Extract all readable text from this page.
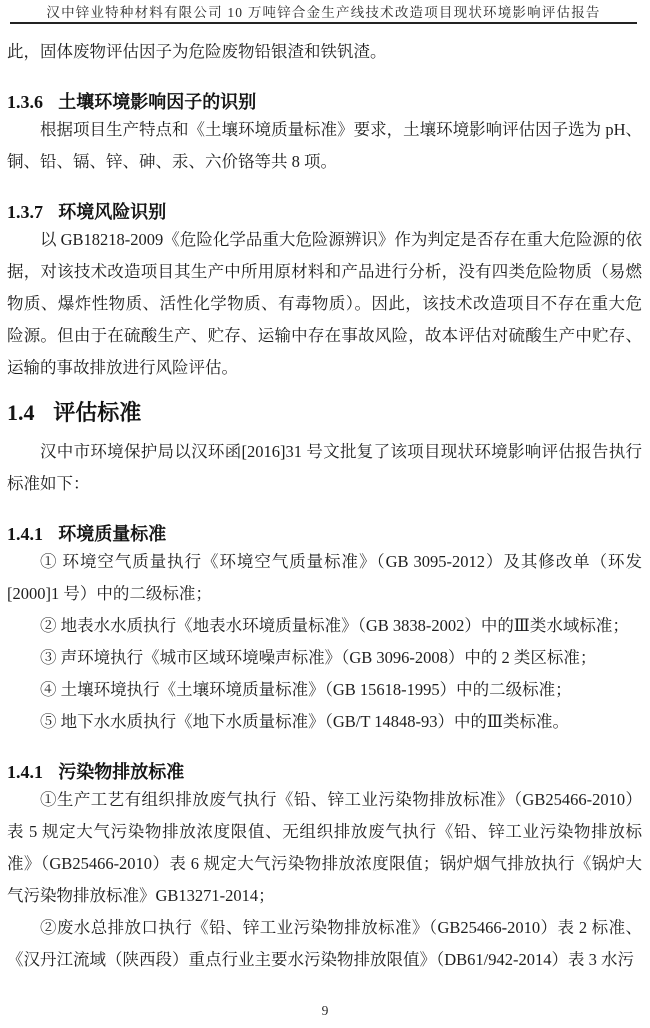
汉中锌业特种材料有限公司 10 万吨锌合金生产线技术改造项目现状环境影响评估报告

此，固体废物评估因子为危险废物铅银渣和铁钒渣。

1.3.6 土壤环境影响因子的识别

根据项目生产特点和《土壤环境质量标准》要求，土壤环境影响评估因子选为 pH、铜、铅、镉、锌、砷、汞、六价铬等共 8 项。

1.3.7 环境风险识别

以 GB18218-2009《危险化学品重大危险源辨识》作为判定是否存在重大危险源的依据，对该技术改造项目其生产中所用原材料和产品进行分析，没有四类危险物质（易燃物质、爆炸性物质、活性化学物质、有毒物质）。因此，该技术改造项目不存在重大危险源。但由于在硫酸生产、贮存、运输中存在事故风险，故本评估对硫酸生产中贮存、运输的事故排放进行风险评估。

1.4 评估标准

汉中市环境保护局以汉环函[2016]31 号文批复了该项目现状环境影响评估报告执行标准如下：

1.4.1 环境质量标准

① 环境空气质量执行《环境空气质量标准》（GB 3095-2012）及其修改单（环发[2000]1 号）中的二级标准；

② 地表水水质执行《地表水环境质量标准》（GB 3838-2002）中的Ⅲ类水域标准；

③ 声环境执行《城市区域环境噪声标准》（GB 3096-2008）中的 2 类区标准；

④ 土壤环境执行《土壤环境质量标准》（GB 15618-1995）中的二级标准；

⑤ 地下水水质执行《地下水质量标准》（GB/T 14848-93）中的Ⅲ类标准。

1.4.1 污染物排放标准

①生产工艺有组织排放废气执行《铅、锌工业污染物排放标准》（GB25466-2010）表 5 规定大气污染物排放浓度限值、无组织排放废气执行《铅、锌工业污染物排放标准》（GB25466-2010）表 6 规定大气污染物排放浓度限值；锅炉烟气排放执行《锅炉大气污染物排放标准》GB13271-2014；

②废水总排放口执行《铅、锌工业污染物排放标准》（GB25466-2010）表 2 标准、《汉丹江流域（陕西段）重点行业主要水污染物排放限值》（DB61/942-2014）表 3 水污

9
